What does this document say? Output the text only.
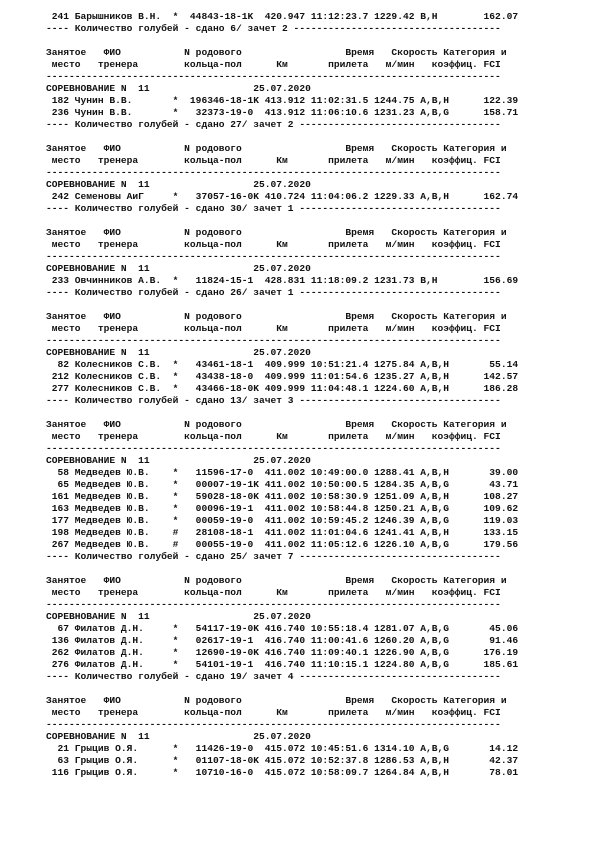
241 Барышников В.Н.  *  44843-18-1K  420.947 11:12:23.7 1229.42 B,H        162.07
---- Количество голубей - сдано 6/ зачет 2 ------------------------------------

Занятое   ФИО           N родового                  Время   Скорость Категория и
место   тренера        кольца-пол      Км       прилета   м/мин   коэффиц. FCI
-------------------------------------------------------------------------------
СОРЕВНОВАНИЕ N  11                  25.07.2020
182 Чунин В.В.       *  196346-18-1K 413.912 11:02:31.5 1244.75 A,B,H      122.39
236 Чунин В.В.       *   32373-19-0  413.912 11:06:10.6 1231.23 A,B,G      158.71
---- Количество голубей - сдано 27/ зачет 2 -----------------------------------

Занятое   ФИО           N родового                  Время   Скорость Категория и
место   тренера        кольца-пол      Км       прилета   м/мин   коэффиц. FCI
-------------------------------------------------------------------------------
СОРЕВНОВАНИЕ N  11                  25.07.2020
242 Семеновы АиГ     *   37057-16-0K 410.724 11:04:06.2 1229.33 A,B,H      162.74
---- Количество голубей - сдано 30/ зачет 1 -----------------------------------

Занятое   ФИО           N родового                  Время   Скорость Категория и
место   тренера        кольца-пол      Км       прилета   м/мин   коэффиц. FCI
-------------------------------------------------------------------------------
СОРЕВНОВАНИЕ N  11                  25.07.2020
233 Овчинников А.В.  *   11824-15-1  428.831 11:18:09.2 1231.73 B,H        156.69
---- Количество голубей - сдано 26/ зачет 1 -----------------------------------

Занятое   ФИО           N родового                  Время   Скорость Категория и
место   тренера        кольца-пол      Км       прилета   м/мин   коэффиц. FCI
-------------------------------------------------------------------------------
СОРЕВНОВАНИЕ N  11                  25.07.2020
82 Колесников С.В.  *   43461-18-1  409.999 10:51:21.4 1275.84 A,B,H       55.14
212 Колесников С.В.  *   43438-18-0  409.999 11:01:54.6 1235.27 A,B,H      142.57
277 Колесников С.В.  *   43466-18-0K 409.999 11:04:48.1 1224.60 A,B,H      186.28
---- Количество голубей - сдано 13/ зачет 3 -----------------------------------

Занятое   ФИО           N родового                  Время   Скорость Категория и
место   тренера        кольца-пол      Км       прилета   м/мин   коэффиц. FCI
-------------------------------------------------------------------------------
СОРЕВНОВАНИЕ N  11                  25.07.2020
58 Медведев Ю.В.    *   11596-17-0  411.002 10:49:00.0 1288.41 A,B,H       39.00
65 Медведев Ю.В.    *   00007-19-1K 411.002 10:50:00.5 1284.35 A,B,G       43.71
161 Медведев Ю.В.    *   59028-18-0K 411.002 10:58:30.9 1251.09 A,B,H      108.27
163 Медведев Ю.В.    *   00096-19-1  411.002 10:58:44.8 1250.21 A,B,G      109.62
177 Медведев Ю.В.    *   00059-19-0  411.002 10:59:45.2 1246.39 A,B,G      119.03
198 Медведев Ю.В.    #   28108-18-1  411.002 11:01:04.6 1241.41 A,B,H      133.15
267 Медведев Ю.В.    #   00055-19-0  411.002 11:05:12.6 1226.10 A,B,G      179.56
---- Количество голубей - сдано 25/ зачет 7 -----------------------------------

Занятое   ФИО           N родового                  Время   Скорость Категория и
место   тренера        кольца-пол      Км       прилета   м/мин   коэффиц. FCI
-------------------------------------------------------------------------------
СОРЕВНОВАНИЕ N  11                  25.07.2020
67 Филатов Д.Н.     *   54117-19-0K 416.740 10:55:18.4 1281.07 A,B,G       45.06
136 Филатов Д.Н.     *   02617-19-1  416.740 11:00:41.6 1260.20 A,B,G       91.46
262 Филатов Д.Н.     *   12690-19-0K 416.740 11:09:40.1 1226.90 A,B,G      176.19
276 Филатов Д.Н.     *   54101-19-1  416.740 11:10:15.1 1224.80 A,B,G      185.61
---- Количество голубей - сдано 19/ зачет 4 -----------------------------------

Занятое   ФИО           N родового                  Время   Скорость Категория и
место   тренера        кольца-пол      Км       прилета   м/мин   коэффиц. FCI
-------------------------------------------------------------------------------
СОРЕВНОВАНИЕ N  11                  25.07.2020
21 Грыцив О.Я.      *   11426-19-0  415.072 10:45:51.6 1314.10 A,B,G       14.12
63 Грыцив О.Я.      *   01107-18-0K 415.072 10:52:37.8 1286.53 A,B,H       42.37
116 Грыцив О.Я.      *   10710-16-0  415.072 10:58:09.7 1264.84 A,B,H       78.01
